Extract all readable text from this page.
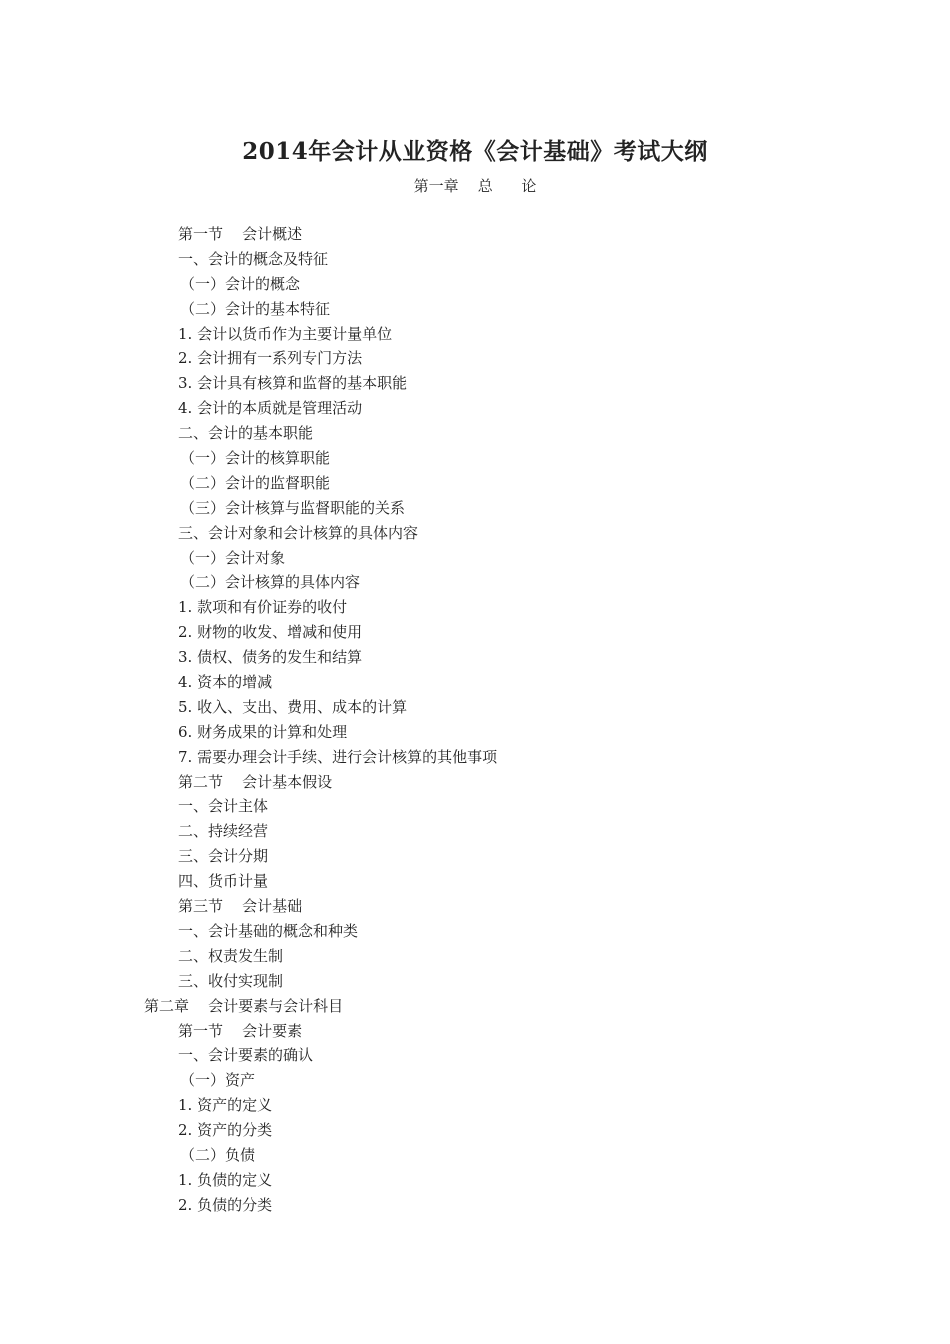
2014年会计从业资格《会计基础》考试大纲
第一章    总      论
第一节    会计概述
一、会计的概念及特征
（一）会计的概念
（二）会计的基本特征
1. 会计以货币作为主要计量单位
2. 会计拥有一系列专门方法
3. 会计具有核算和监督的基本职能
4. 会计的本质就是管理活动
二、会计的基本职能
（一）会计的核算职能
（二）会计的监督职能
（三）会计核算与监督职能的关系
三、会计对象和会计核算的具体内容
（一）会计对象
（二）会计核算的具体内容
1. 款项和有价证券的收付
2. 财物的收发、增减和使用
3. 债权、债务的发生和结算
4. 资本的增减
5. 收入、支出、费用、成本的计算
6. 财务成果的计算和处理
7. 需要办理会计手续、进行会计核算的其他事项
第二节    会计基本假设
一、会计主体
二、持续经营
三、会计分期
四、货币计量
第三节    会计基础
一、会计基础的概念和种类
二、权责发生制
三、收付实现制
第二章    会计要素与会计科目
第一节    会计要素
一、会计要素的确认
（一）资产
1. 资产的定义
2. 资产的分类
（二）负债
1. 负债的定义
2. 负债的分类
